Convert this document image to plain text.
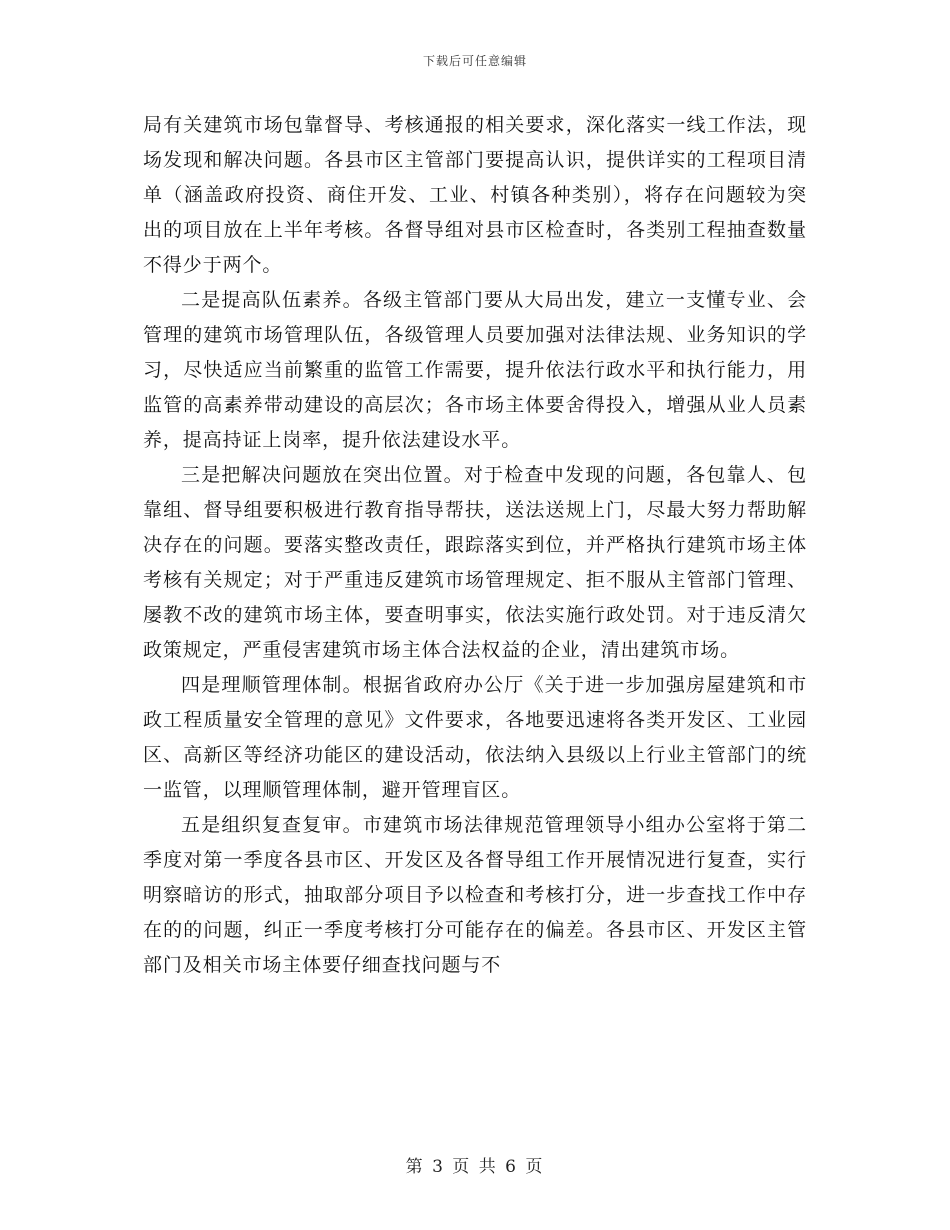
下载后可任意编辑

局有关建筑市场包靠督导、考核通报的相关要求，深化落实一线工作法，现场发现和解决问题。各县市区主管部门要提高认识，提供详实的工程项目清单（涵盖政府投资、商住开发、工业、村镇各种类别），将存在问题较为突出的项目放在上半年考核。各督导组对县市区检查时，各类别工程抽查数量不得少于两个。

二是提高队伍素养。各级主管部门要从大局出发，建立一支懂专业、会管理的建筑市场管理队伍，各级管理人员要加强对法律法规、业务知识的学习，尽快适应当前繁重的监管工作需要，提升依法行政水平和执行能力，用监管的高素养带动建设的高层次；各市场主体要舍得投入，增强从业人员素养，提高持证上岗率，提升依法建设水平。

三是把解决问题放在突出位置。对于检查中发现的问题，各包靠人、包靠组、督导组要积极进行教育指导帮扶，送法送规上门，尽最大努力帮助解决存在的问题。要落实整改责任，跟踪落实到位，并严格执行建筑市场主体考核有关规定；对于严重违反建筑市场管理规定、拒不服从主管部门管理、屡教不改的建筑市场主体，要查明事实，依法实施行政处罚。对于违反清欠政策规定，严重侵害建筑市场主体合法权益的企业，清出建筑市场。

四是理顺管理体制。根据省政府办公厅《关于进一步加强房屋建筑和市政工程质量安全管理的意见》文件要求，各地要迅速将各类开发区、工业园区、高新区等经济功能区的建设活动，依法纳入县级以上行业主管部门的统一监管，以理顺管理体制，避开管理盲区。

五是组织复查复审。市建筑市场法律规范管理领导小组办公室将于第二季度对第一季度各县市区、开发区及各督导组工作开展情况进行复查，实行明察暗访的形式，抽取部分项目予以检查和考核打分，进一步查找工作中存在的的问题，纠正一季度考核打分可能存在的偏差。各县市区、开发区主管部门及相关市场主体要仔细查找问题与不

第 3 页 共 6 页
